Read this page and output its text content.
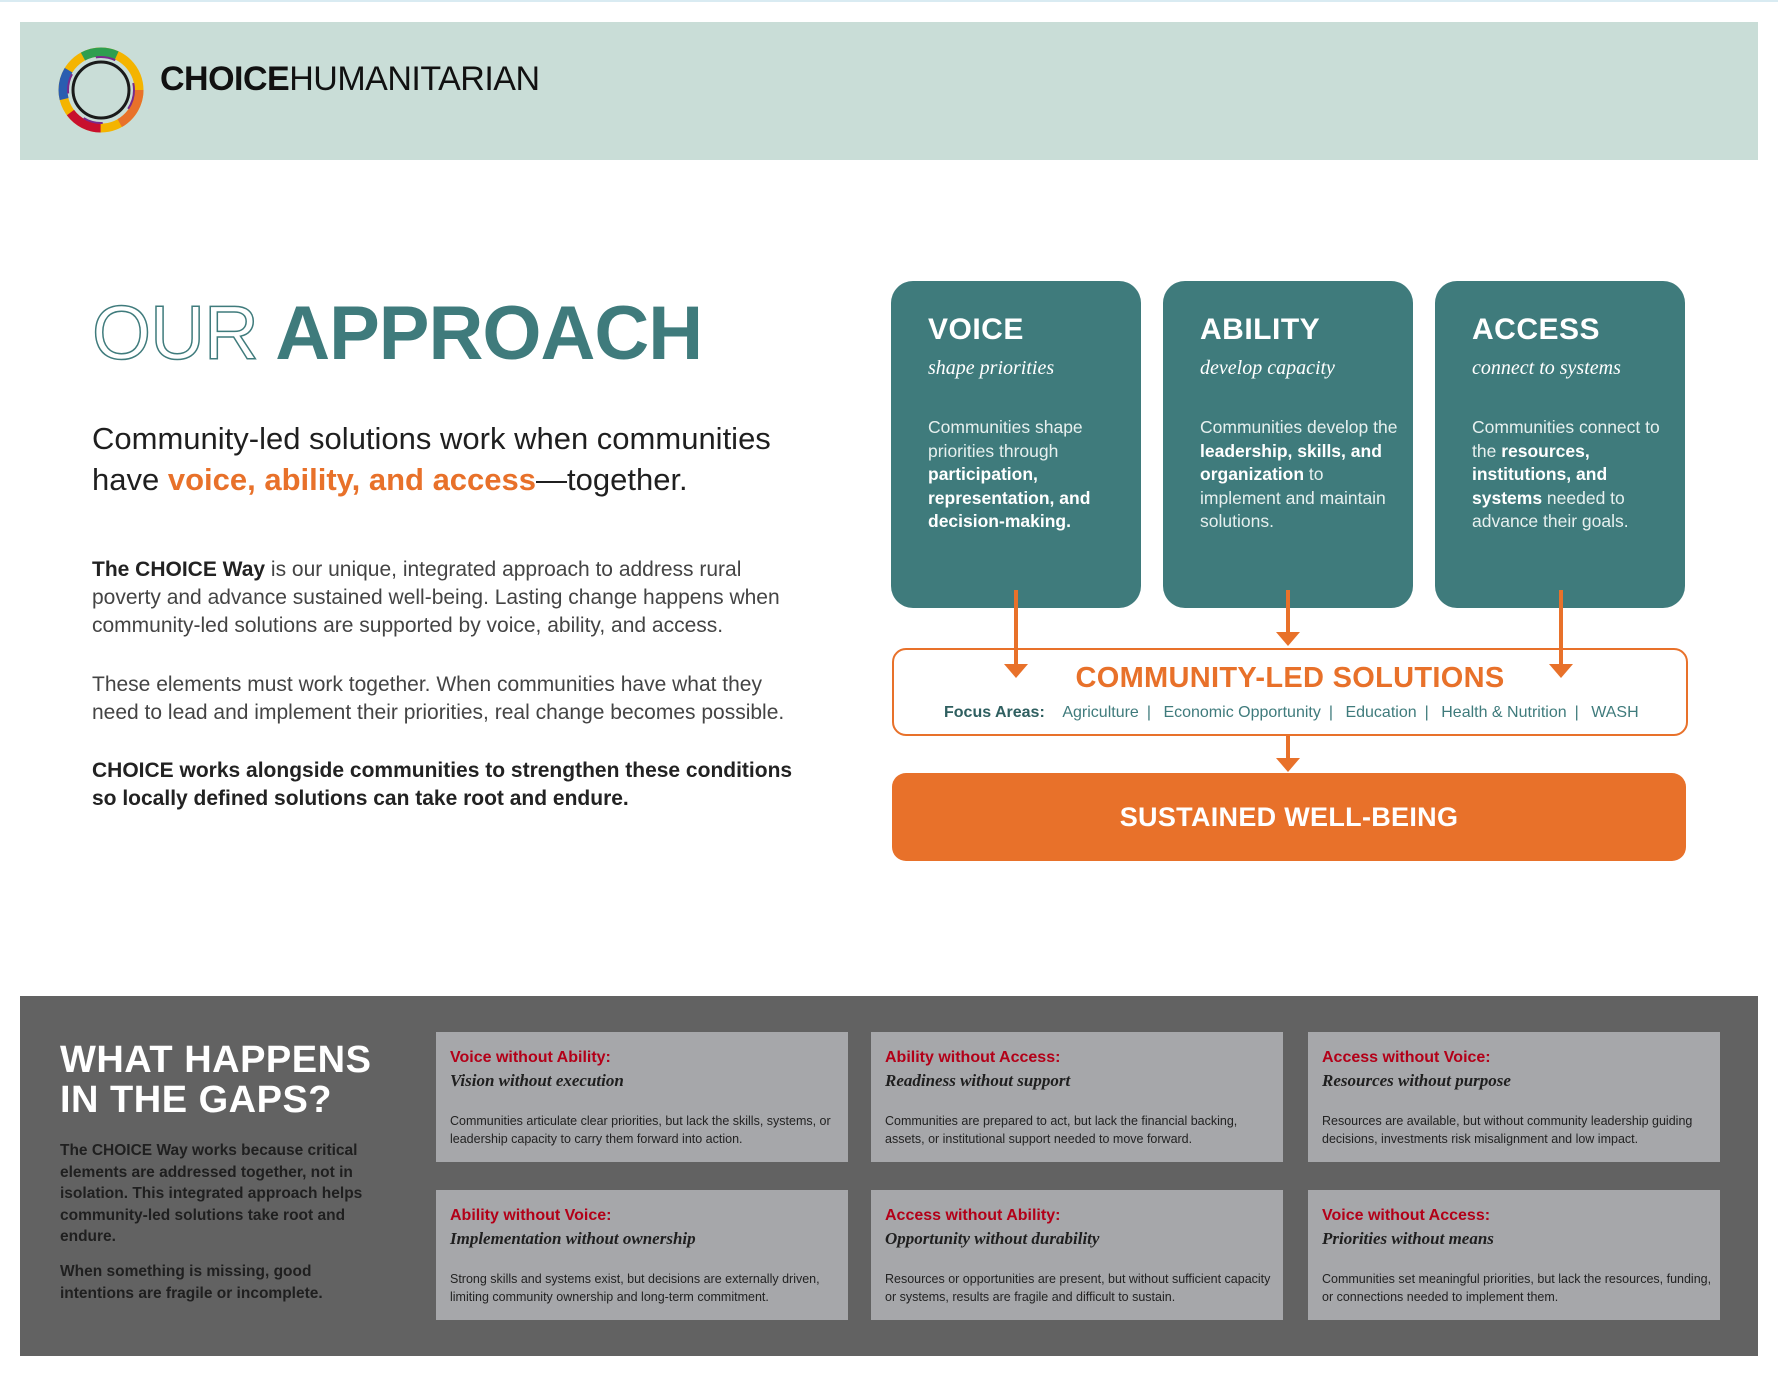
CHOICEHUMANITARIAN
OUR APPROACH
Community-led solutions work when communities
have voice, ability, and access—together.
The CHOICE Way is our unique, integrated approach to address rural poverty and advance sustained well-being. Lasting change happens when community-led solutions are supported by voice, ability, and access.
These elements must work together. When communities have what they need to lead and implement their priorities, real change becomes possible.
CHOICE works alongside communities to strengthen these conditions so locally defined solutions can take root and endure.
VOICE
shape priorities
Communities shape priorities through participation, representation, and decision-making.
ABILITY
develop capacity
Communities develop the leadership, skills, and organization to implement and maintain solutions.
ACCESS
connect to systems
Communities connect to the resources, institutions, and systems needed to advance their goals.
COMMUNITY-LED SOLUTIONS
Focus Areas: Agriculture | Economic Opportunity | Education | Health & Nutrition | WASH
SUSTAINED WELL-BEING
WHAT HAPPENS
IN THE GAPS?
The CHOICE Way works because critical elements are addressed together, not in isolation. This integrated approach helps community-led solutions take root and endure.
When something is missing, good intentions are fragile or incomplete.
Voice without Ability:
Vision without execution
Communities articulate clear priorities, but lack the skills, systems, or leadership capacity to carry them forward into action.
Ability without Access:
Readiness without support
Communities are prepared to act, but lack the financial backing, assets, or institutional support needed to move forward.
Access without Voice:
Resources without purpose
Resources are available, but without community leadership guiding decisions, investments risk misalignment and low impact.
Ability without Voice:
Implementation without ownership
Strong skills and systems exist, but decisions are externally driven, limiting community ownership and long-term commitment.
Access without Ability:
Opportunity without durability
Resources or opportunities are present, but without sufficient capacity or systems, results are fragile and difficult to sustain.
Voice without Access:
Priorities without means
Communities set meaningful priorities, but lack the resources, funding, or connections needed to implement them.
